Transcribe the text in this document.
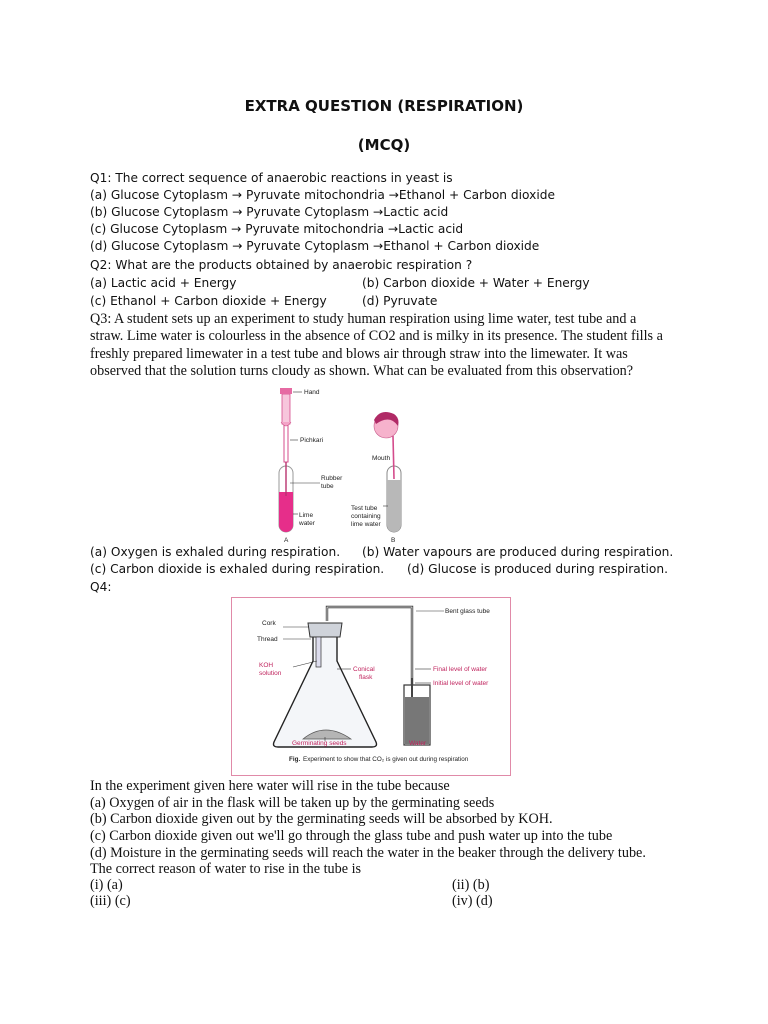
EXTRA QUESTION (RESPIRATION)
(MCQ)
Q1: The correct sequence of anaerobic reactions in yeast is
(a) Glucose Cytoplasm → Pyruvate mitochondria →Ethanol + Carbon dioxide
(b) Glucose Cytoplasm → Pyruvate Cytoplasm →Lactic acid
(c) Glucose Cytoplasm → Pyruvate mitochondria →Lactic acid
(d) Glucose Cytoplasm → Pyruvate Cytoplasm →Ethanol + Carbon dioxide
Q2: What are the products obtained by anaerobic respiration ?
(a) Lactic acid + Energy	(b) Carbon dioxide + Water + Energy
(c) Ethanol + Carbon dioxide + Energy	(d) Pyruvate
Q3: A student sets up an experiment to study human respiration using lime water, test tube and a
straw. Lime water is colourless in the absence of CO2 and is milky in its presence. The student fills a
freshly prepared limewater in a test tube and blows air through straw into the limewater. It was
observed that the solution turns cloudy as shown. What can be evaluated from this observation?
Hand
Pichkari
Mouth
Rubber
tube
Lime
water
Test tube
containing
lime water
A	B
(a) Oxygen is exhaled during respiration. (b) Water vapours are produced during respiration.
(c) Carbon dioxide is exhaled during respiration. (d) Glucose is produced during respiration.
Q4:
Bent glass tube
Cork
Thread
KOH
solution
Conical
flask
Final level of water
Initial level of water
Germinating seeds	Water
Fig. Experiment to show that CO₂ is given out during respiration
In the experiment given here water will rise in the tube because
(a) Oxygen of air in the flask will be taken up by the germinating seeds
(b) Carbon dioxide given out by the germinating seeds will be absorbed by KOH.
(c) Carbon dioxide given out we'll go through the glass tube and push water up into the tube
(d) Moisture in the germinating seeds will reach the water in the beaker through the delivery tube.
The correct reason of water to rise in the tube is
(i) (a)	(ii) (b)
(iii) (c)	(iv) (d)
